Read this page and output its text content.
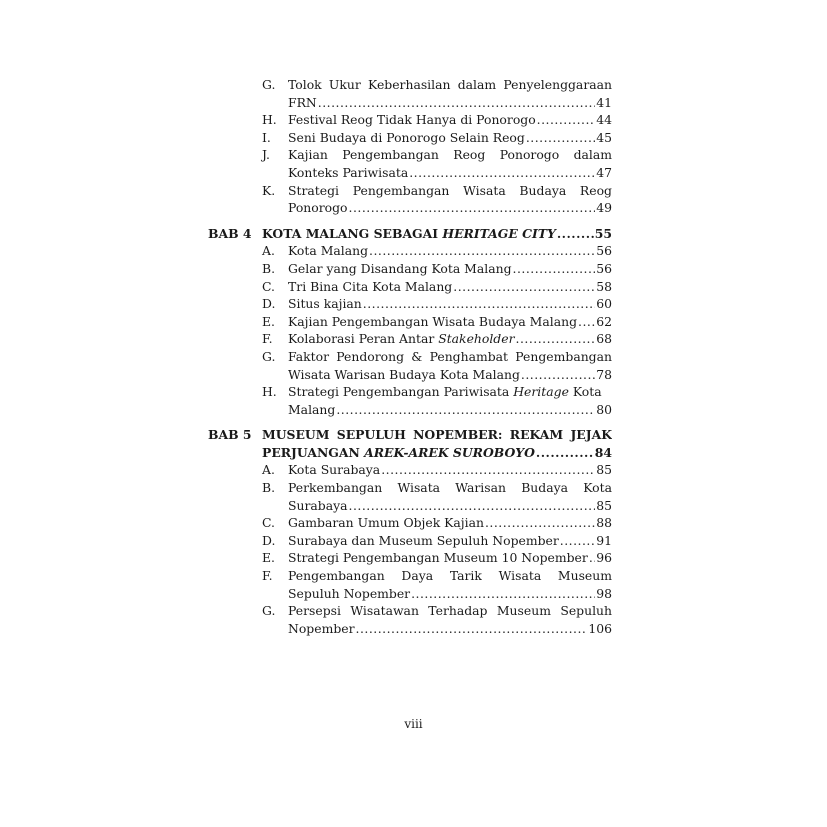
G.	Tolok Ukur Keberhasilan dalam Penyelenggaraan
FRN .....	41
H. Festival Reog Tidak Hanya di Ponorogo .....	44
I.	Seni Budaya di Ponorogo Selain Reog .....	45
J.	Kajian Pengembangan Reog Ponorogo dalam
Konteks Pariwisata .....	47
K.	Strategi Pengembangan Wisata Budaya Reog
Ponorogo .....	49
BAB 4 KOTA MALANG SEBAGAI HERITAGE CITY .....	55
A.	Kota Malang .....	56
B.	Gelar yang Disandang Kota Malang .....	56
C.	Tri Bina Cita Kota Malang .....	58
D.	Situs kajian .....	60
E.	Kajian Pengembangan Wisata Budaya Malang ..... 62
F.	Kolaborasi Peran Antar Stakeholder .....	68
G.	Faktor Pendorong & Penghambat Pengembangan
Wisata Warisan Budaya Kota Malang .....	78
H. Strategi Pengembangan Pariwisata Heritage Kota
Malang .....	80
BAB 5 MUSEUM SEPULUH NOPEMBER: REKAM JEJAK
PERJUANGAN AREK-AREK SUROBOYO .....	84
A.	Kota Surabaya .....	85
B.	Perkembangan Wisata Warisan Budaya Kota
Surabaya .....	85
C.	Gambaran Umum Objek Kajian .....	88
D.	Surabaya dan Museum Sepuluh Nopember .....	91
E.	Strategi Pengembangan Museum 10 Nopember ..... 96
F.	Pengembangan Daya Tarik Wisata Museum
Sepuluh Nopember .....	98
G.	Persepsi Wisatawan Terhadap Museum Sepuluh
Nopember .....	106
viii
